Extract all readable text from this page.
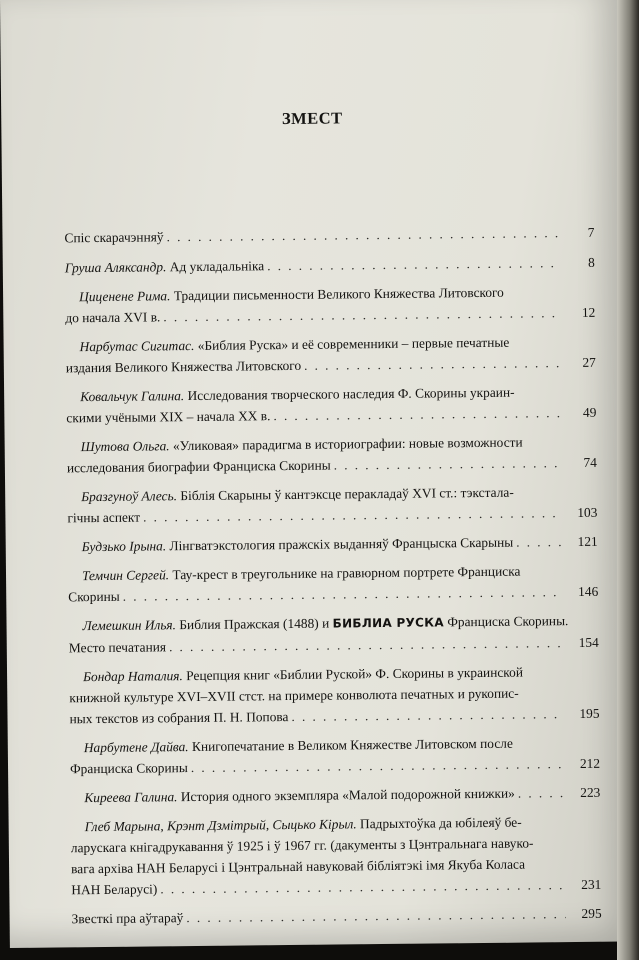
ЗМЕСТ
Спіс скарачэнняў . . .	7
Груша Аляксандр. Ад укладальніка . . .	8
Циценене Рима. Традиции письменности Великого Княжества Литовского
до начала XVI в. . . .	12
Нарбутас Сигитас. «Библия Руска» и её современники – первые печатные
издания Великого Княжества Литовского . . .	27
Ковальчук Галина. Исследования творческого наследия Ф. Скорины украин-
скими учёными XIX – начала XX в. . . .	49
Шутова Ольга. «Уликовая» парадигма в историографии: новые возможности
исследования биографии Франциска Скорины . . .	74
Бразгуноў Алесь. Біблія Скарыны ў кантэксце перакладаў XVI ст.: тэкстала-
гічны аспект . . .	103
Будзько Ірына. Лінгватэкстология пражскіх выданняў Францыска Скарыны . . .	121
Темчин Сергей. Тау-крест в треугольнике на гравюрном портрете Франциска
Скорины . . .	146
Лемешкин Илья. Библия Пражская (1488) и БИБЛИА РУСКА Франциска Скорины.
Место печатания . . .	154
Бондар Наталия. Рецепция книг «Библии Руской» Ф. Скорины в украинской
книжной культуре XVI–XVII стст. на примере конволюта печатных и рукопис-
ных текстов из собрания П. Н. Попова . . .	195
Нарбутене Дайва. Книгопечатание в Великом Княжестве Литовском после
Франциска Скорины . . .	212
Киреева Галина. История одного экземпляра «Малой подорожной книжки» . . .	223
Глеб Марына, Крэнт Дзмітрый, Сыцько Кірыл. Падрыхтоўка да юбілеяў бе-
ларускага кнігадрукавання ў 1925 і ў 1967 гг. (дакументы з Цэнтральнага навуко-
вага архіва НАН Беларусі і Цэнтральнай навуковай бібліятэкі імя Якуба Коласа
НАН Беларусі) . . .	231
Звесткі пра аўтараў . . .	295
